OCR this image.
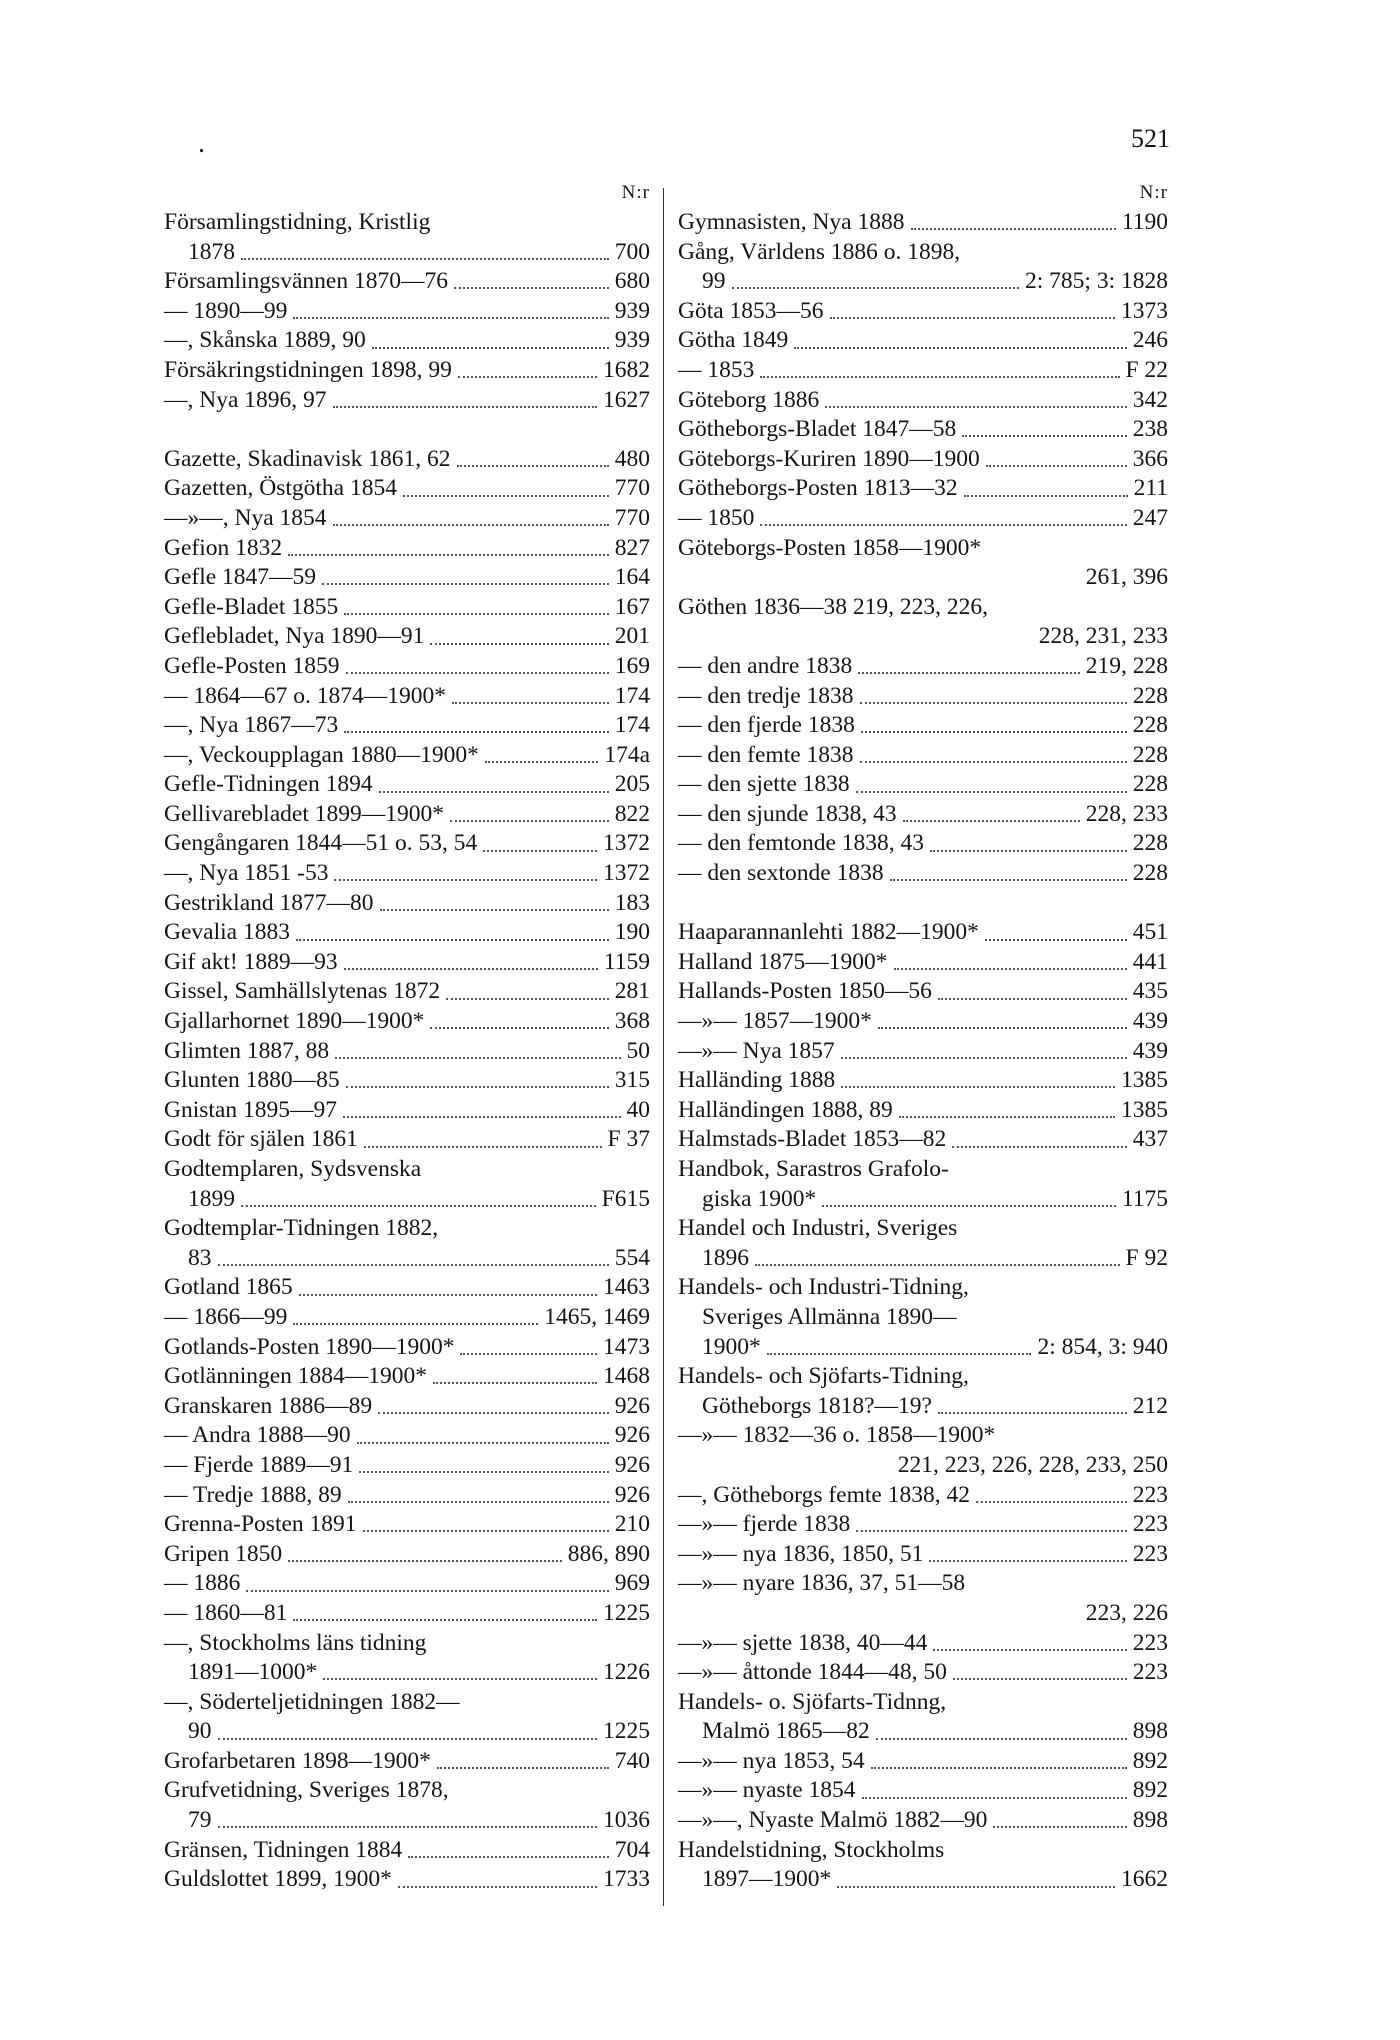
.	521
N:r
Församlingstidning, Kristlig
1878	700
Församlingsvännen 1870—76	680
— 1890—99	939
—, Skånska 1889, 90	939
Försäkringstidningen 1898, 99	1682
—, Nya 1896, 97	1627
Gazette, Skadinavisk 1861, 62	480
Gazetten, Östgötha 1854	770
—»—, Nya 1854	770
Gefion 1832	827
Gefle 1847—59	164
Gefle-Bladet 1855	167
Geflebladet, Nya 1890—91	201
Gefle-Posten 1859	169
— 1864—67 o. 1874—1900*	174
—, Nya 1867—73	174
—, Veckoupplagan 1880—1900*	174a
Gefle-Tidningen 1894	205
Gellivarebladet 1899—1900*	822
Gengångaren 1844—51 o. 53, 54	1372
—, Nya 1851 -53	1372
Gestrikland 1877—80	183
Gevalia 1883	190
Gif akt! 1889—93	1159
Gissel, Samhällslytenas 1872	281
Gjallarhornet 1890—1900*	368
Glimten 1887, 88	50
Glunten 1880—85	315
Gnistan 1895—97	40
Godt för själen 1861	F 37
Godtemplaren, Sydsvenska
1899	F615
Godtemplar-Tidningen 1882,
83	554
Gotland 1865	1463
— 1866—99	1465, 1469
Gotlands-Posten 1890—1900*	1473
Gotlänningen 1884—1900*	1468
Granskaren 1886—89	926
— Andra 1888—90	926
— Fjerde 1889—91	926
— Tredje 1888, 89	926
Grenna-Posten 1891	210
Gripen 1850	886, 890
— 1886	969
— 1860—81	1225
—, Stockholms läns tidning
1891—1000*	1226
—, Söderteljetidningen 1882—
90	1225
Grofarbetaren 1898—1900*	740
Grufvetidning, Sveriges 1878,
79	1036
Gränsen, Tidningen 1884	704
Guldslottet 1899, 1900*	1733
N:r
Gymnasisten, Nya 1888	1190
Gång, Världens 1886 o. 1898,
99	2: 785; 3: 1828
Göta 1853—56	1373
Götha 1849	246
— 1853	F 22
Göteborg 1886	342
Götheborgs-Bladet 1847—58	238
Göteborgs-Kuriren 1890—1900	366
Götheborgs-Posten 1813—32	211
— 1850	247
Göteborgs-Posten 1858—1900*
261, 396
Göthen 1836—38 219, 223, 226,
228, 231, 233
— den andre 1838	219, 228
— den tredje 1838	228
— den fjerde 1838	228
— den femte 1838	228
— den sjette 1838	228
— den sjunde 1838, 43	228, 233
— den femtonde 1838, 43	228
— den sextonde 1838	228
Haaparannanlehti 1882—1900*	451
Halland 1875—1900*	441
Hallands-Posten 1850—56	435
—»— 1857—1900*	439
—»— Nya 1857	439
Halländing 1888	1385
Halländingen 1888, 89	1385
Halmstads-Bladet 1853—82	437
Handbok, Sarastros Grafolo-
giska 1900*	1175
Handel och Industri, Sveriges
1896	F 92
Handels- och Industri-Tidning,
Sveriges Allmänna 1890—
1900*	2: 854, 3: 940
Handels- och Sjöfarts-Tidning,
Götheborgs 1818?—19?	212
—»— 1832—36 o. 1858—1900*
221, 223, 226, 228, 233, 250
—, Götheborgs femte 1838, 42	223
—»— fjerde 1838	223
—»— nya 1836, 1850, 51	223
—»— nyare 1836, 37, 51—58
223, 226
—»— sjette 1838, 40—44	223
—»— åttonde 1844—48, 50	223
Handels- o. Sjöfarts-Tidnng,
Malmö 1865—82	898
—»— nya 1853, 54	892
—»— nyaste 1854	892
—»—, Nyaste Malmö 1882—90	898
Handelstidning, Stockholms
1897—1900*	1662
